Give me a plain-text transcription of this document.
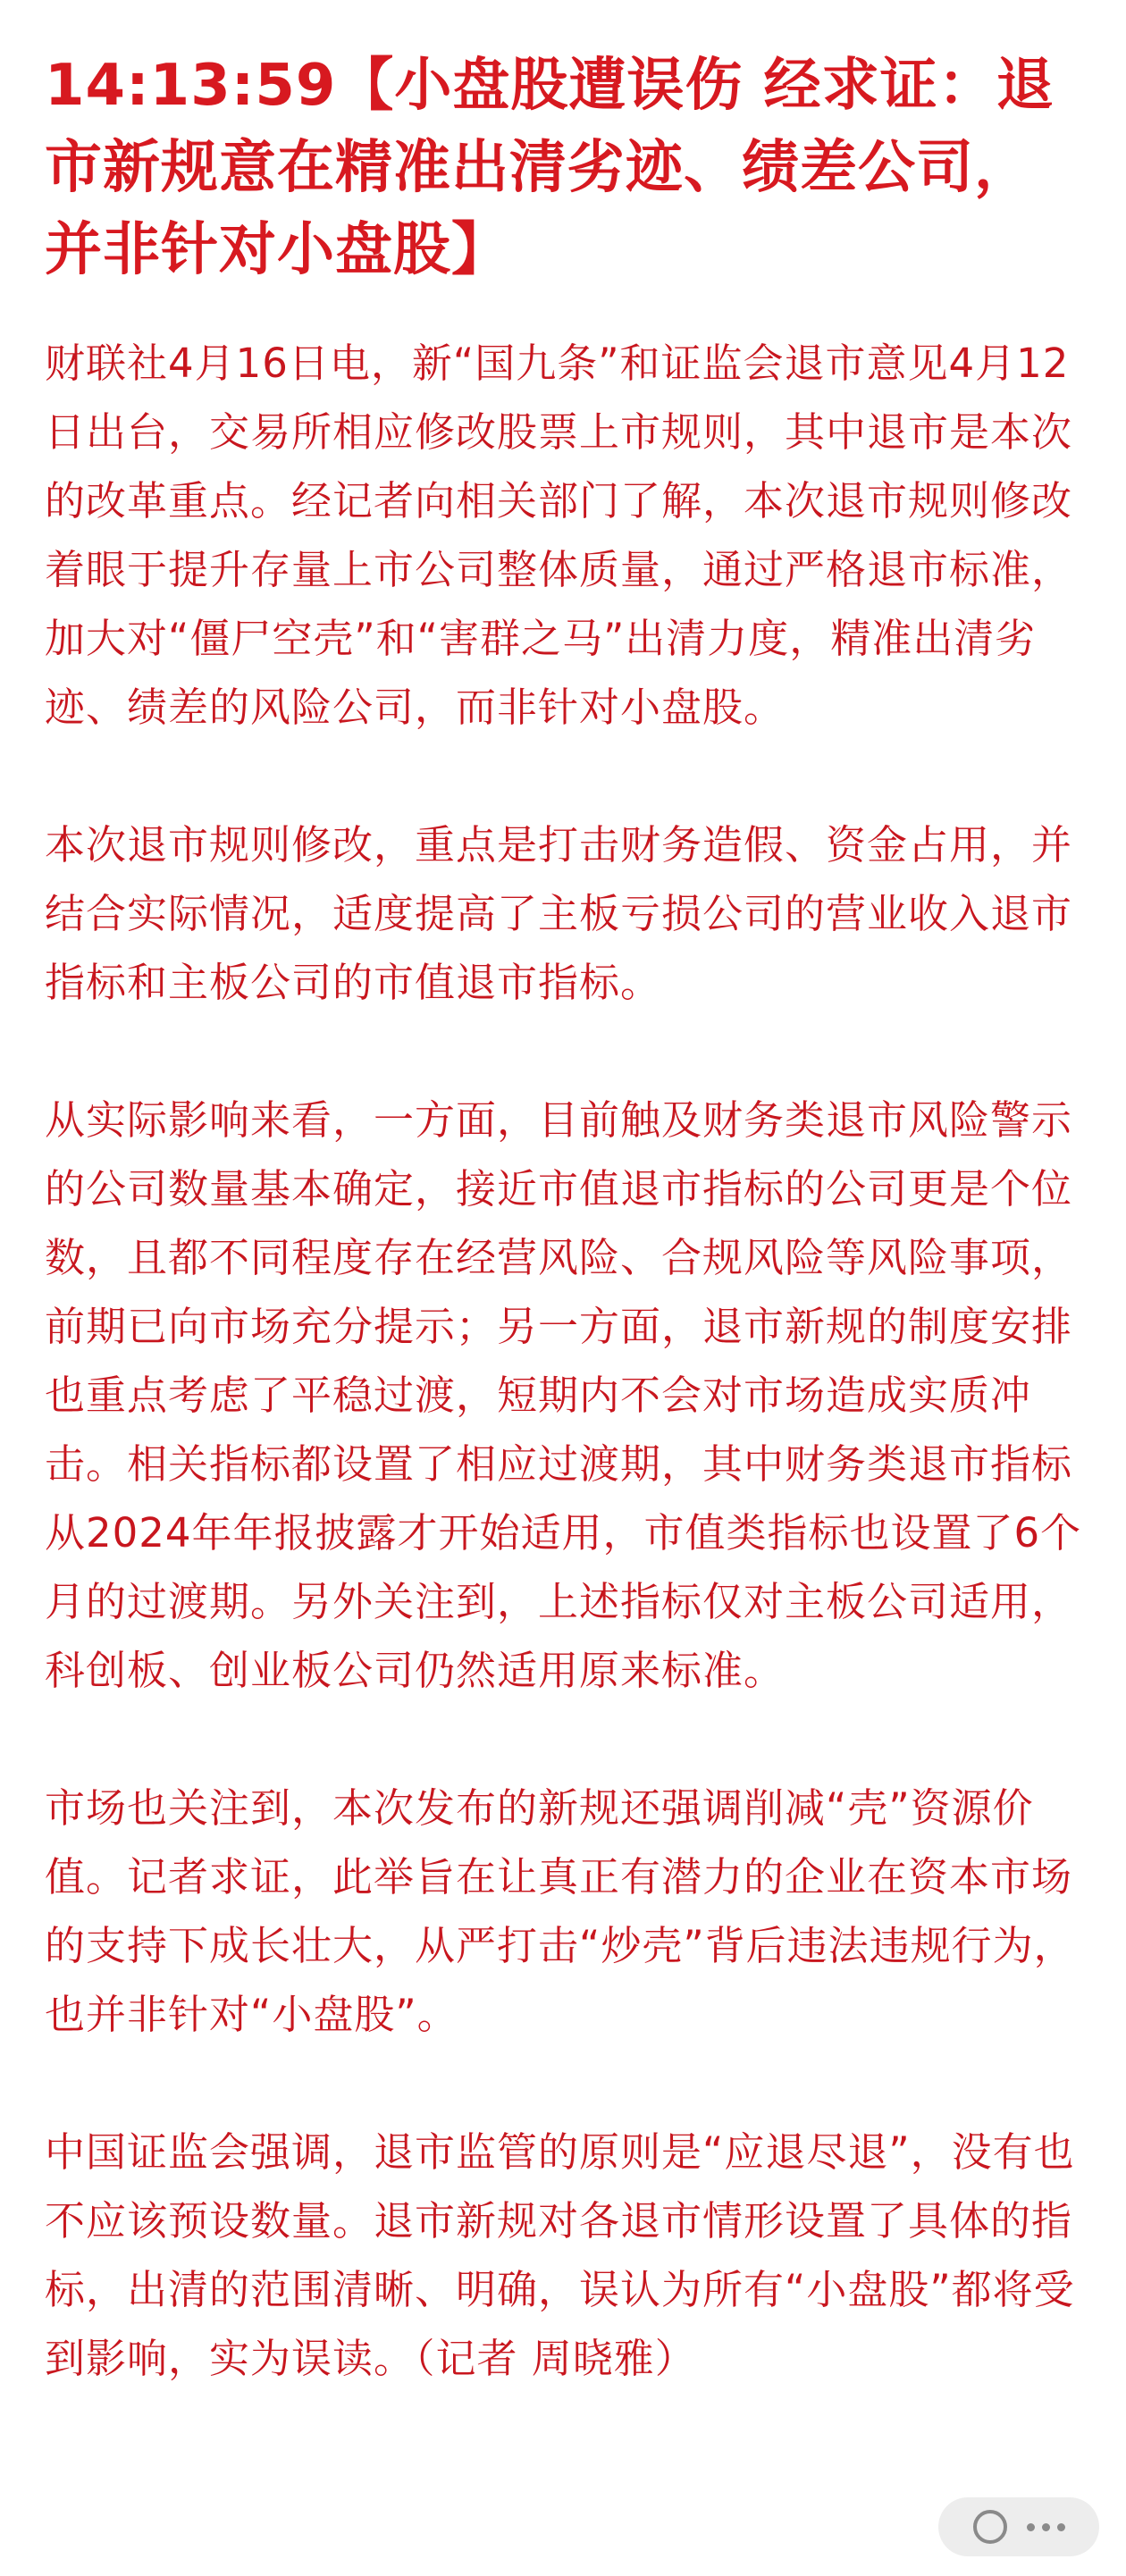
14:13:59【小盘股遭误伤 经求证：退市新规意在精准出清劣迹、绩差公司，并非针对小盘股】

财联社4月16日电，新“国九条”和证监会退市意见4月12日出台，交易所相应修改股票上市规则，其中退市是本次的改革重点。经记者向相关部门了解，本次退市规则修改着眼于提升存量上市公司整体质量，通过严格退市标准，加大对“僵尸空壳”和“害群之马”出清力度，精准出清劣迹、绩差的风险公司，而非针对小盘股。

本次退市规则修改，重点是打击财务造假、资金占用，并结合实际情况，适度提高了主板亏损公司的营业收入退市指标和主板公司的市值退市指标。

从实际影响来看，一方面，目前触及财务类退市风险警示的公司数量基本确定，接近市值退市指标的公司更是个位数，且都不同程度存在经营风险、合规风险等风险事项，前期已向市场充分提示；另一方面，退市新规的制度安排也重点考虑了平稳过渡，短期内不会对市场造成实质冲击。相关指标都设置了相应过渡期，其中财务类退市指标从2024年年报披露才开始适用，市值类指标也设置了6个月的过渡期。另外关注到，上述指标仅对主板公司适用，科创板、创业板公司仍然适用原来标准。

市场也关注到，本次发布的新规还强调削减“壳”资源价值。记者求证，此举旨在让真正有潜力的企业在资本市场的支持下成长壮大，从严打击“炒壳”背后违法违规行为，也并非针对“小盘股”。

中国证监会强调，退市监管的原则是“应退尽退”，没有也不应该预设数量。退市新规对各退市情形设置了具体的指标，出清的范围清晰、明确，误认为所有“小盘股”都将受到影响，实为误读。（记者 周晓雅）
